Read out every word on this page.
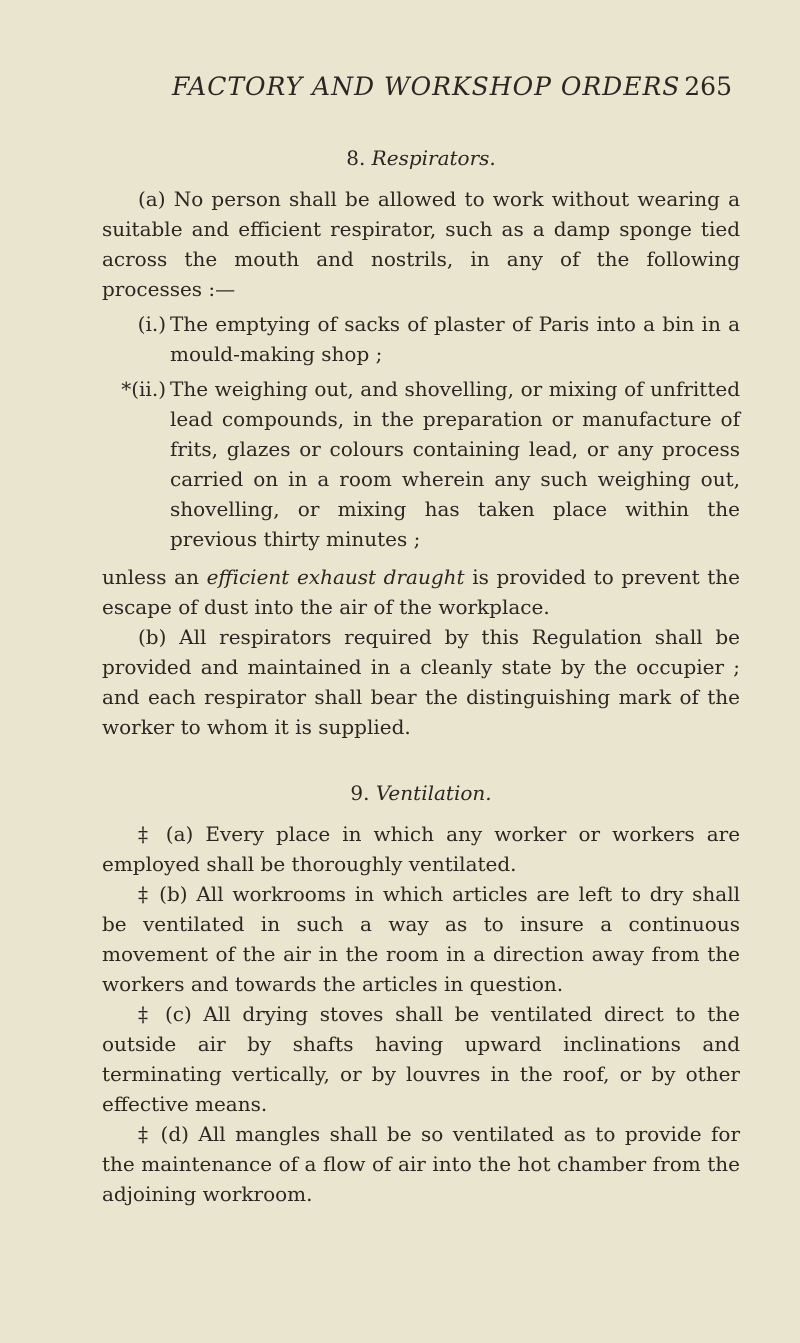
FACTORY AND WORKSHOP ORDERS 265
8. Respirators.

(a) No person shall be allowed to work without wearing a suitable and efficient respirator, such as a damp sponge tied across the mouth and nostrils, in any of the following processes :—

(i.) The emptying of sacks of plaster of Paris into a bin in a mould-making shop ;
*(ii.) The weighing out, and shovelling, or mixing of unfritted lead compounds, in the preparation or manufacture of frits, glazes or colours containing lead, or any process carried on in a room wherein any such weighing out, shovelling, or mixing has taken place within the previous thirty minutes ;

unless an efficient exhaust draught is provided to prevent the escape of dust into the air of the workplace.

(b) All respirators required by this Regulation shall be provided and maintained in a cleanly state by the occupier ; and each respirator shall bear the distinguishing mark of the worker to whom it is supplied.

9. Ventilation.

‡ (a) Every place in which any worker or workers are employed shall be thoroughly ventilated.

‡ (b) All workrooms in which articles are left to dry shall be ventilated in such a way as to insure a continuous movement of the air in the room in a direction away from the workers and towards the articles in question.

‡ (c) All drying stoves shall be ventilated direct to the outside air by shafts having upward inclinations and terminating vertically, or by louvres in the roof, or by other effective means.

‡ (d) All mangles shall be so ventilated as to provide for the maintenance of a flow of air into the hot chamber from the adjoining workroom.
